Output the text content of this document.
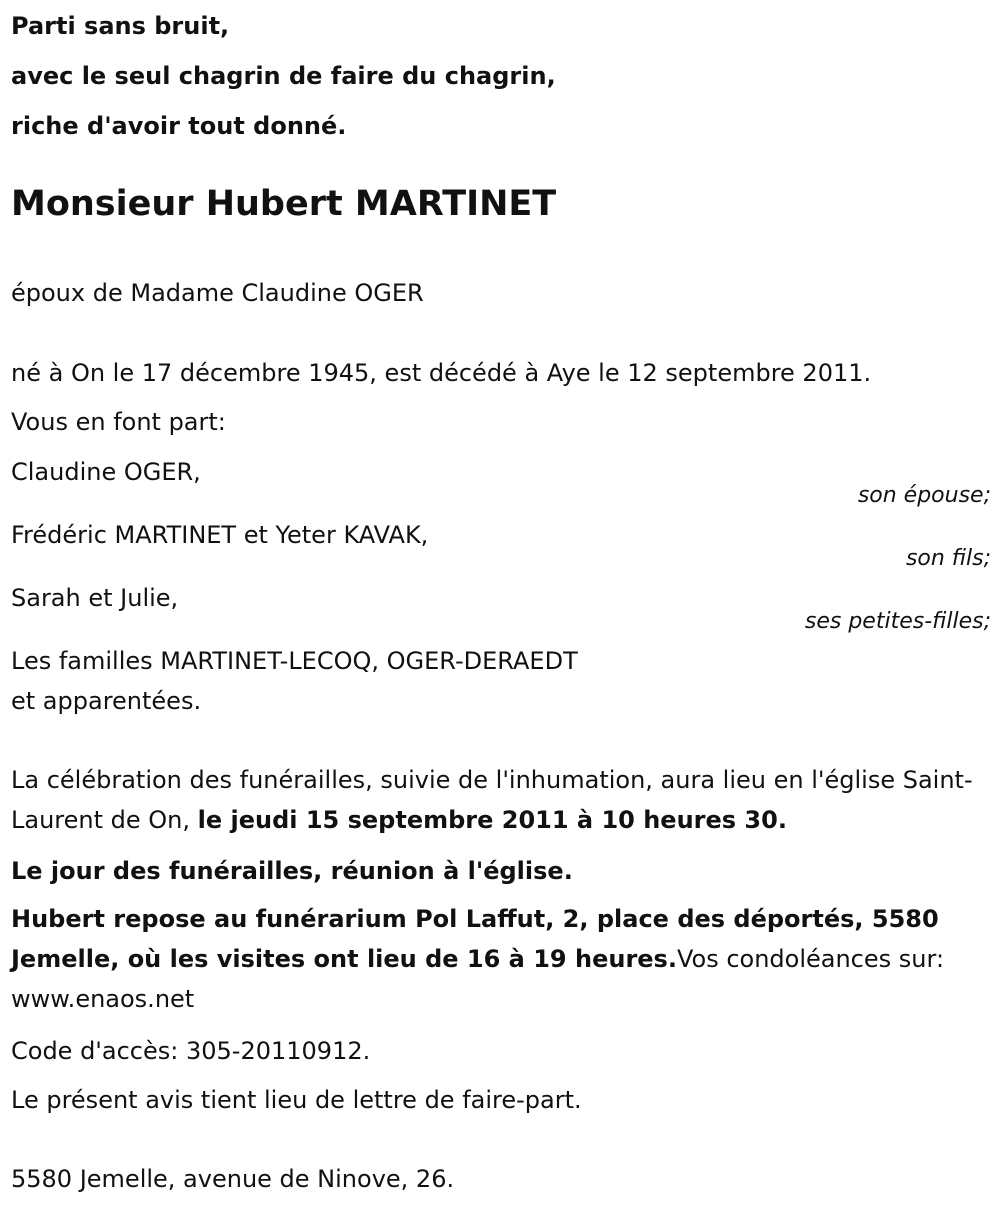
Parti sans bruit,
avec le seul chagrin de faire du chagrin,
riche d'avoir tout donné.
Monsieur Hubert MARTINET
époux de Madame Claudine OGER
né à On le 17 décembre 1945, est décédé à Aye le 12 septembre 2011.
Vous en font part:
Claudine OGER,
son épouse;
Frédéric MARTINET et Yeter KAVAK,
son fils;
Sarah et Julie,
ses petites-filles;
Les familles MARTINET-LECOQ, OGER-DERAEDT
et apparentées.
La célébration des funérailles, suivie de l'inhumation, aura lieu en l'église Saint-Laurent de On, le jeudi 15 septembre 2011 à 10 heures 30.
Le jour des funérailles, réunion à l'église.
Hubert repose au funérarium Pol Laffut, 2, place des déportés, 5580 Jemelle, où les visites ont lieu de 16 à 19 heures.Vos condoléances sur: www.enaos.net
Code d'accès: 305-20110912.
Le présent avis tient lieu de lettre de faire-part.
5580 Jemelle, avenue de Ninove, 26.
